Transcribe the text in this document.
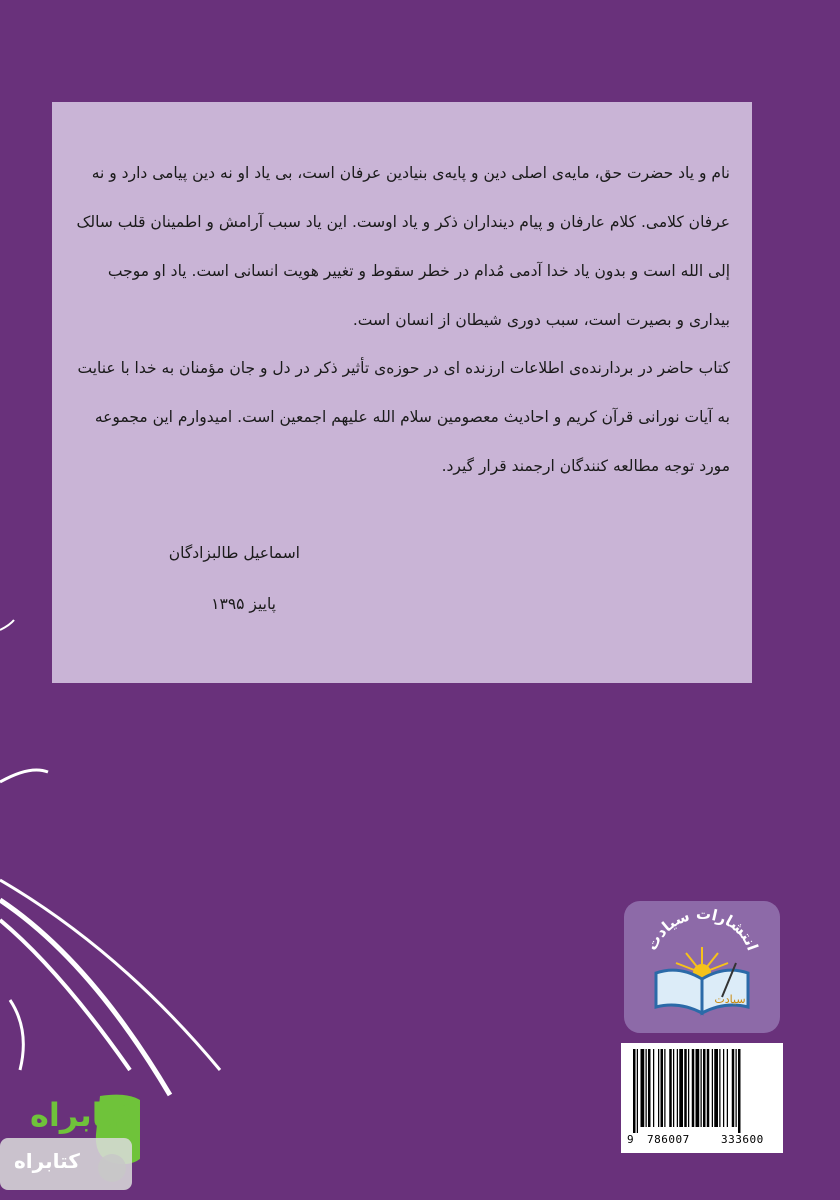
نام و یاد حضرت حق، مایه‌ی اصلی دین و پایه‌ی بنیادین عرفان است، بی یاد او نه دین پیامی دارد و نه عرفان کلامی. کلام عارفان و پیام دینداران ذکر و یاد اوست. این یاد سبب آرامش و اطمینان قلب سالک إلی الله است و بدون یاد خدا آدمی مُدام در خطر سقوط و تغییر هویت انسانی است. یاد او موجب بیداری و بصیرت است، سبب دوری شیطان از انسان است.

کتاب حاضر در بردارنده‌ی اطلاعات ارزنده ای در حوزه‌ی تأثیر ذکر در دل و جان مؤمنان به خدا با عنایت به آیات نورانی قرآن کریم و احادیث معصومین سلام الله علیهم اجمعین است. امیدوارم این مجموعه مورد توجه مطالعه کنندگان ارجمند قرار گیرد.

اسماعیل طالبزادگان
پاییز ۱۳۹۵
انتشارات سیادت
سیادت
9 786007	333600
کتابراه
کتابراه
